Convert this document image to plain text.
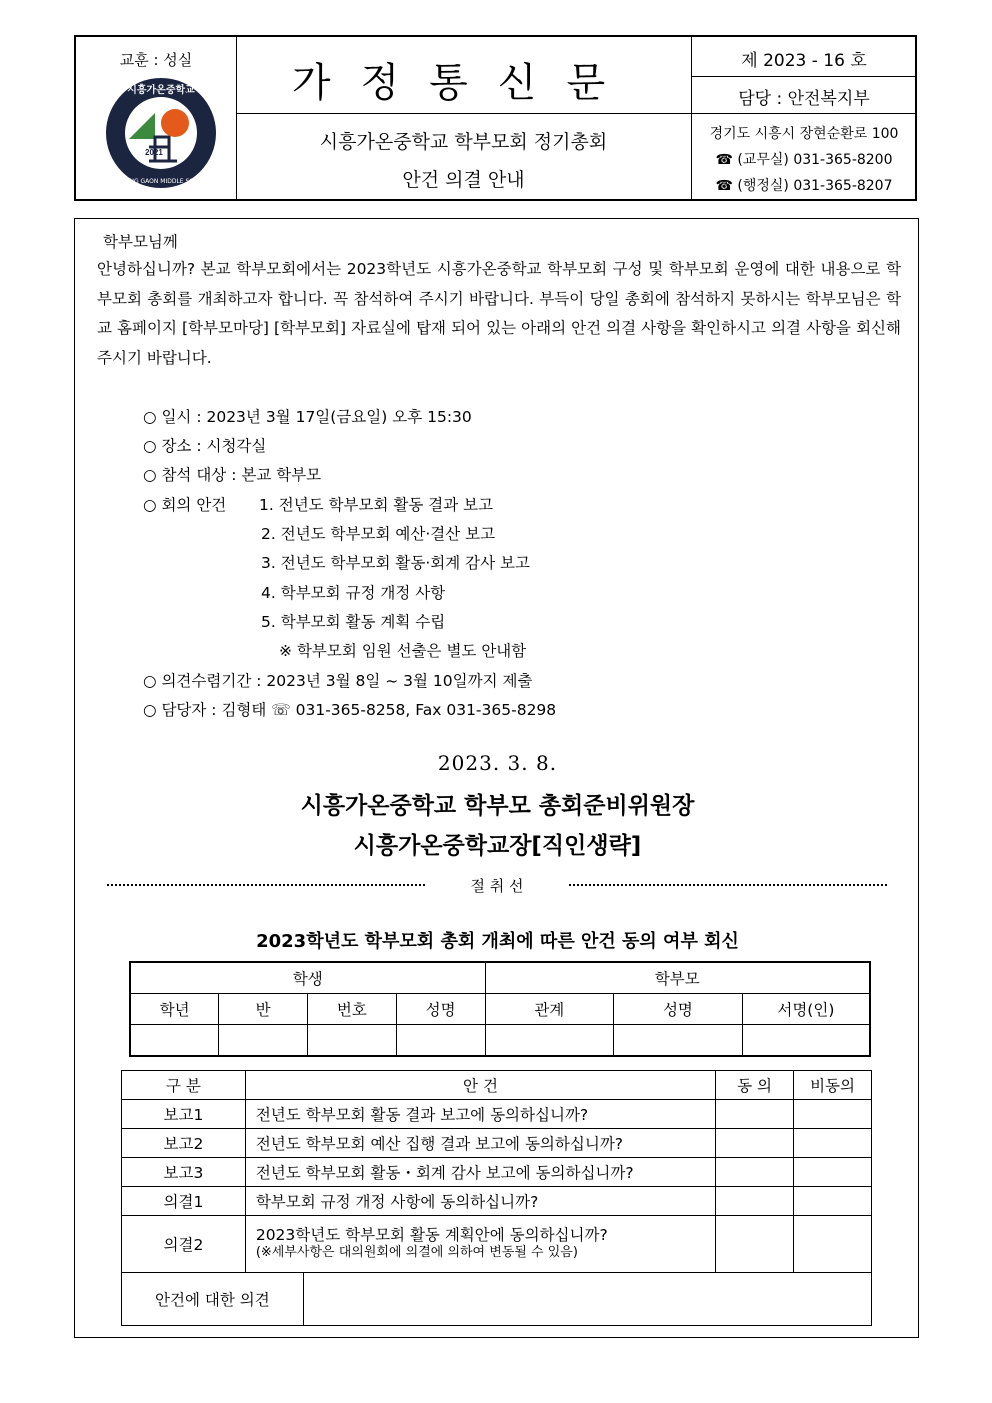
교훈 : 성실
2021
시흥가온중학교
SIHEUNG GAON MIDDLE SCHOOL
가정통신문
시흥가온중학교 학부모회 정기총회
안건 의결 안내
제 2023 - 16 호
담당 : 안전복지부
경기도 시흥시 장현순환로 100
☎ (교무실) 031-365-8200
☎ (행정실) 031-365-8207
학부모님께
안녕하십니까? 본교 학부모회에서는 2023학년도 시흥가온중학교 학부모회 구성 및 학부모회 운영에 대한 내용으로 학부모회 총회를 개최하고자 합니다. 꼭 참석하여 주시기 바랍니다. 부득이 당일 총회에 참석하지 못하시는 학부모님은 학교 홈페이지 [학부모마당] [학부모회] 자료실에 탑재 되어 있는 아래의 안건 의결 사항을 확인하시고 의결 사항을 회신해 주시기 바랍니다.
○ 일시 : 2023년 3월 17일(금요일) 오후 15:30
○ 장소 : 시청각실
○ 참석 대상 : 본교 학부모
○ 회의 안건 1. 전년도 학부모회 활동 결과 보고
2. 전년도 학부모회 예산·결산 보고
3. 전년도 학부모회 활동·회계 감사 보고
4. 학부모회 규정 개정 사항
5. 학부모회 활동 계획 수립
※ 학부모회 임원 선출은 별도 안내함
○ 의견수렴기간 : 2023년 3월 8일 ~ 3월 10일까지 제출
○ 담당자 : 김형태 ☏ 031-365-8258, Fax 031-365-8298
2023. 3. 8.
시흥가온중학교 학부모 총회준비위원장
시흥가온중학교장[직인생략]
절 취 선
2023학년도 학부모회 총회 개최에 따른 안건 동의 여부 회신
학생				학부모		
학년	반	번호	성명	관계	성명	서명(인)

구 분	안 건		동 의	비동의
보고1	전년도 학부모회 활동 결과 보고에 동의하십니까?			
보고2	전년도 학부모회 예산 집행 결과 보고에 동의하십니까?			
보고3	전년도 학부모회 활동・회계 감사 보고에 동의하십니까?			
의결1	학부모회 규정 개정 사항에 동의하십니까?			
의결2	2023학년도 학부모회 활동 계획안에 동의하십니까?
(※세부사항은 대의원회에 의결에 의하여 변동될 수 있음)			

안건에 대한 의견				
